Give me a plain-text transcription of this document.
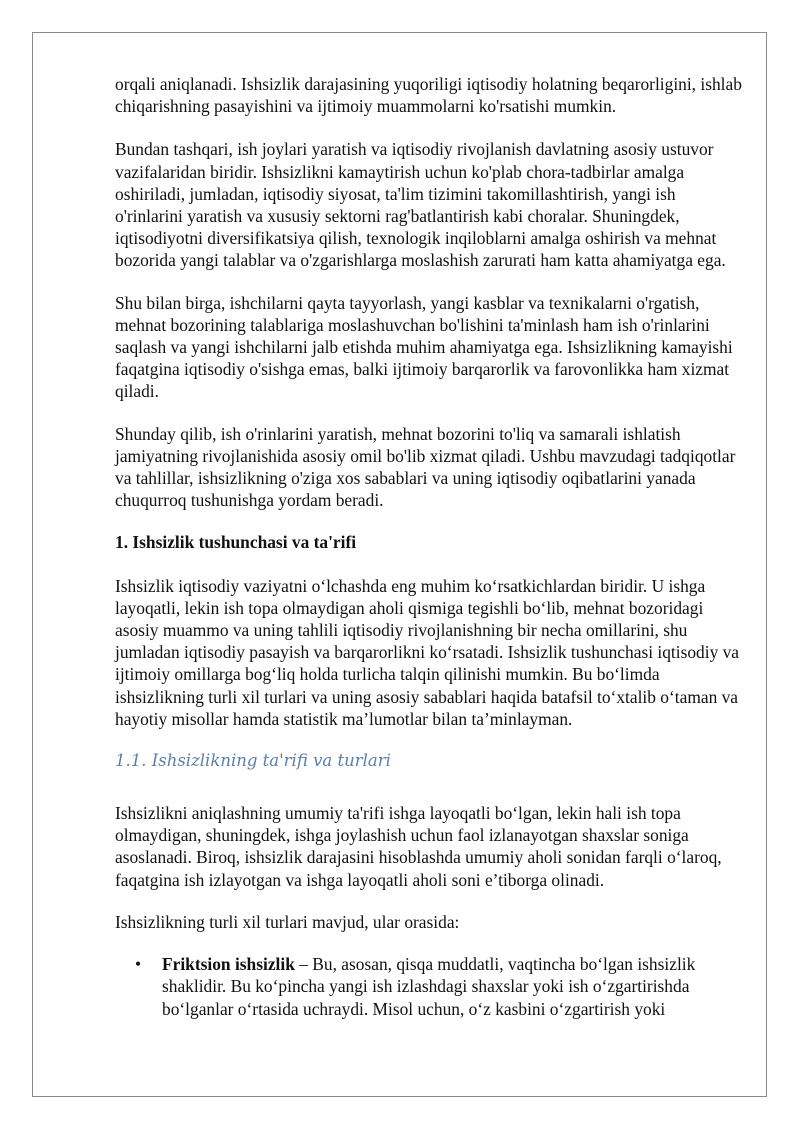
orqali aniqlanadi. Ishsizlik darajasining yuqoriligi iqtisodiy holatning beqarorligini, ishlab chiqarishning pasayishini va ijtimoiy muammolarni ko'rsatishi mumkin.

Bundan tashqari, ish joylari yaratish va iqtisodiy rivojlanish davlatning asosiy ustuvor vazifalaridan biridir. Ishsizlikni kamaytirish uchun ko'plab chora-tadbirlar amalga oshiriladi, jumladan, iqtisodiy siyosat, ta'lim tizimini takomillashtirish, yangi ish o'rinlarini yaratish va xususiy sektorni rag'batlantirish kabi choralar. Shuningdek, iqtisodiyotni diversifikatsiya qilish, texnologik inqiloblarni amalga oshirish va mehnat bozorida yangi talablar va o'zgarishlarga moslashish zarurati ham katta ahamiyatga ega.

Shu bilan birga, ishchilarni qayta tayyorlash, yangi kasblar va texnikalarni o'rgatish, mehnat bozorining talablariga moslashuvchan bo'lishini ta'minlash ham ish o'rinlarini saqlash va yangi ishchilarni jalb etishda muhim ahamiyatga ega. Ishsizlikning kamayishi faqatgina iqtisodiy o'sishga emas, balki ijtimoiy barqarorlik va farovonlikka ham xizmat qiladi.

Shunday qilib, ish o'rinlarini yaratish, mehnat bozorini to'liq va samarali ishlatish jamiyatning rivojlanishida asosiy omil bo'lib xizmat qiladi. Ushbu mavzudagi tadqiqotlar va tahlillar, ishsizlikning o'ziga xos sabablari va uning iqtisodiy oqibatlarini yanada chuqurroq tushunishga yordam beradi.

1. Ishsizlik tushunchasi va ta'rifi

Ishsizlik iqtisodiy vaziyatni o‘lchashda eng muhim ko‘rsatkichlardan biridir. U ishga layoqatli, lekin ish topa olmaydigan aholi qismiga tegishli bo‘lib, mehnat bozoridagi asosiy muammo va uning tahlili iqtisodiy rivojlanishning bir necha omillarini, shu jumladan iqtisodiy pasayish va barqarorlikni ko‘rsatadi. Ishsizlik tushunchasi iqtisodiy va ijtimoiy omillarga bog‘liq holda turlicha talqin qilinishi mumkin. Bu bo‘limda ishsizlikning turli xil turlari va uning asosiy sabablari haqida batafsil to‘xtalib o‘taman va hayotiy misollar hamda statistik ma’lumotlar bilan ta’minlayman.

1.1. Ishsizlikning ta'rifi va turlari

Ishsizlikni aniqlashning umumiy ta'rifi ishga layoqatli bo‘lgan, lekin hali ish topa olmaydigan, shuningdek, ishga joylashish uchun faol izlanayotgan shaxslar soniga asoslanadi. Biroq, ishsizlik darajasini hisoblashda umumiy aholi sonidan farqli o‘laroq, faqatgina ish izlayotgan va ishga layoqatli aholi soni e’tiborga olinadi.

Ishsizlikning turli xil turlari mavjud, ular orasida:

• Friktsion ishsizlik – Bu, asosan, qisqa muddatli, vaqtincha bo‘lgan ishsizlik shaklidir. Bu ko‘pincha yangi ish izlashdagi shaxslar yoki ish o‘zgartirishda bo‘lganlar o‘rtasida uchraydi. Misol uchun, o‘z kasbini o‘zgartirish yoki
